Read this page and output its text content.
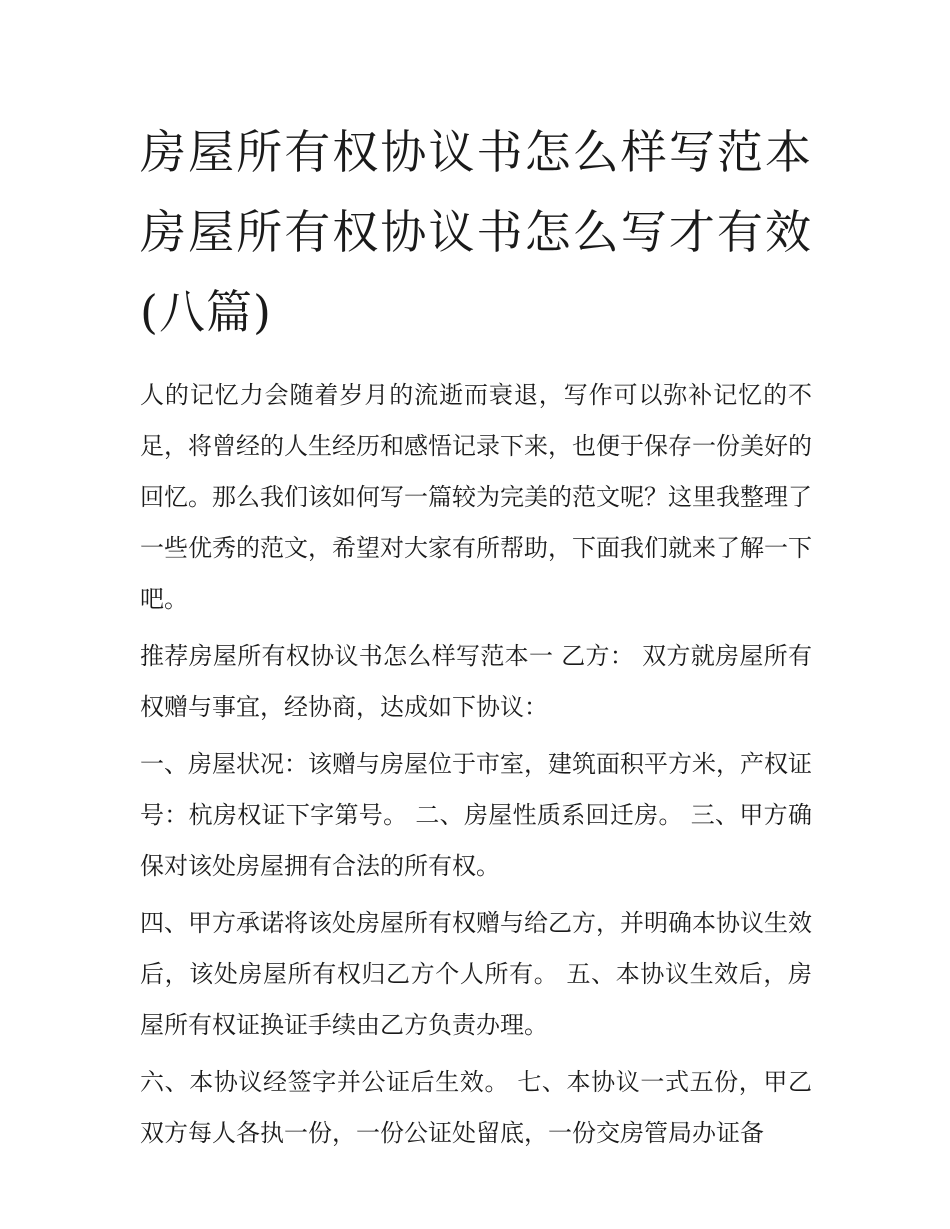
房屋所有权协议书怎么样写范本 房屋所有权协议书怎么写才有效(八篇)

人的记忆力会随着岁月的流逝而衰退，写作可以弥补记忆的不足，将曾经的人生经历和感悟记录下来，也便于保存一份美好的回忆。那么我们该如何写一篇较为完美的范文呢？这里我整理了一些优秀的范文，希望对大家有所帮助，下面我们就来了解一下吧。

推荐房屋所有权协议书怎么样写范本一 乙方： 双方就房屋所有权赠与事宜，经协商，达成如下协议：

一、房屋状况：该赠与房屋位于市室，建筑面积平方米，产权证号：杭房权证下字第号。 二、房屋性质系回迁房。 三、甲方确保对该处房屋拥有合法的所有权。

四、甲方承诺将该处房屋所有权赠与给乙方，并明确本协议生效后，该处房屋所有权归乙方个人所有。 五、本协议生效后，房屋所有权证换证手续由乙方负责办理。

六、本协议经签字并公证后生效。 七、本协议一式五份，甲乙双方每人各执一份，一份公证处留底，一份交房管局办证备
